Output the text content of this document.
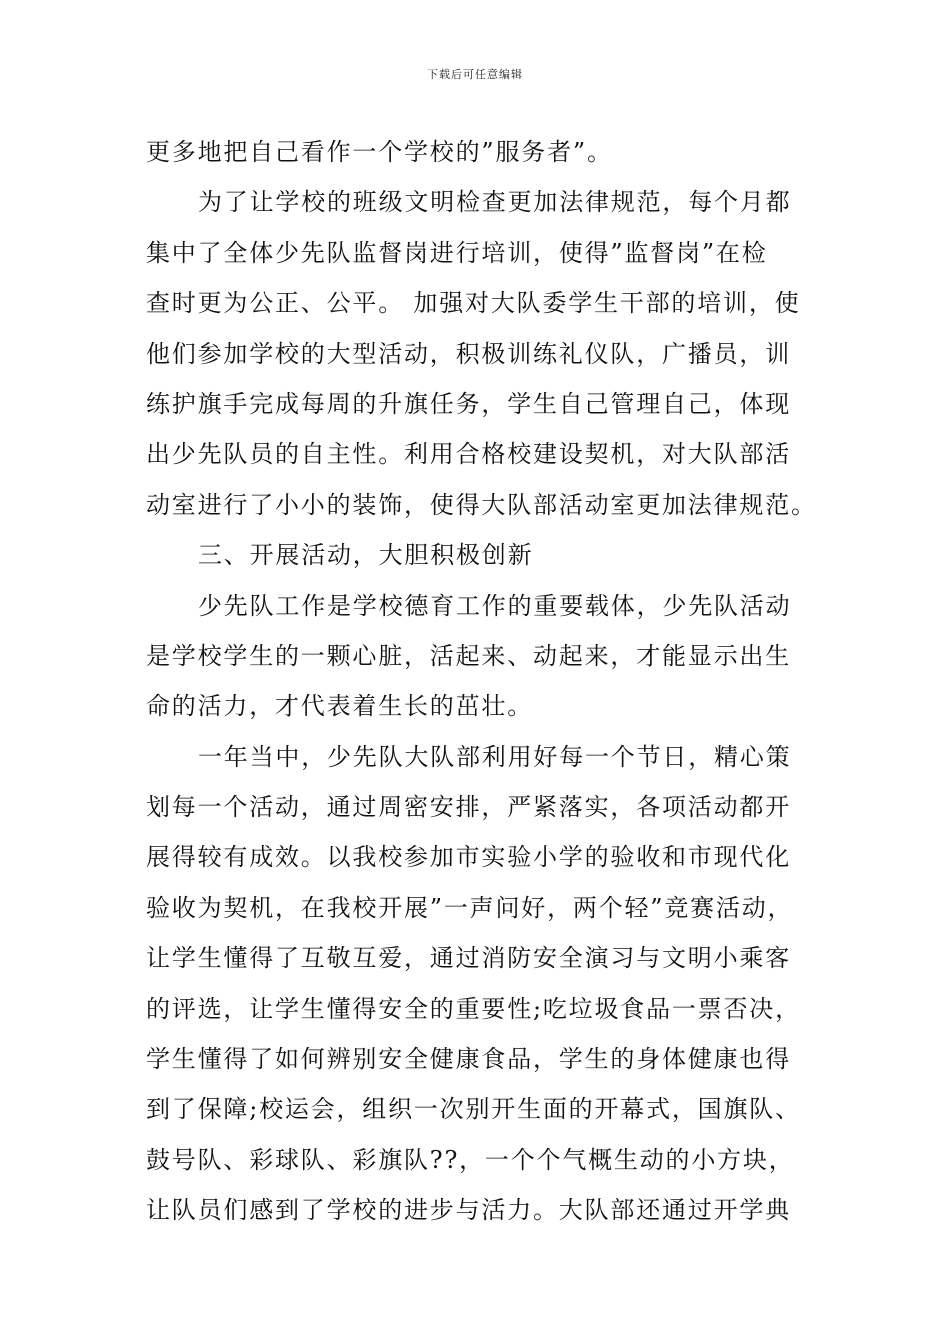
下载后可任意编辑
更多地把自己看作一个学校的”服务者”。
为了让学校的班级文明检查更加法律规范，每个月都
集中了全体少先队监督岗进行培训，使得”监督岗”在检
查时更为公正、公平。 加强对大队委学生干部的培训，使
他们参加学校的大型活动，积极训练礼仪队，广播员，训
练护旗手完成每周的升旗任务，学生自己管理自己，体现
出少先队员的自主性。利用合格校建设契机，对大队部活
动室进行了小小的装饰，使得大队部活动室更加法律规范。
三、开展活动，大胆积极创新
少先队工作是学校德育工作的重要载体，少先队活动
是学校学生的一颗心脏，活起来、动起来，才能显示出生
命的活力，才代表着生长的茁壮。
一年当中，少先队大队部利用好每一个节日，精心策
划每一个活动，通过周密安排，严紧落实，各项活动都开
展得较有成效。以我校参加市实验小学的验收和市现代化
验收为契机，在我校开展”一声问好，两个轻”竞赛活动，
让学生懂得了互敬互爱，通过消防安全演习与文明小乘客
的评选，让学生懂得安全的重要性;吃垃圾食品一票否决，
学生懂得了如何辨别安全健康食品，学生的身体健康也得
到了保障;校运会，组织一次别开生面的开幕式，国旗队、
鼓号队、彩球队、彩旗队??，一个个气概生动的小方块，
让队员们感到了学校的进步与活力。大队部还通过开学典
